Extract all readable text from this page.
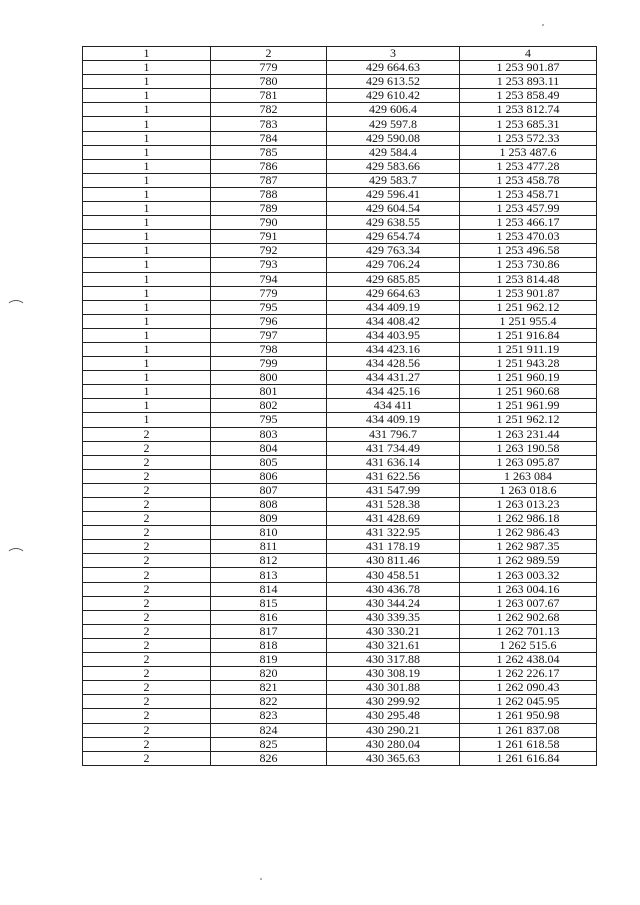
1	2	3	4
1	779	429 664.63	1 253 901.87
1	780	429 613.52	1 253 893.11
1	781	429 610.42	1 253 858.49
1	782	429 606.4	1 253 812.74
1	783	429 597.8	1 253 685.31
1	784	429 590.08	1 253 572.33
1	785	429 584.4	1 253 487.6
1	786	429 583.66	1 253 477.28
1	787	429 583.7	1 253 458.78
1	788	429 596.41	1 253 458.71
1	789	429 604.54	1 253 457.99
1	790	429 638.55	1 253 466.17
1	791	429 654.74	1 253 470.03
1	792	429 763.34	1 253 496.58
1	793	429 706.24	1 253 730.86
1	794	429 685.85	1 253 814.48
1	779	429 664.63	1 253 901.87
1	795	434 409.19	1 251 962.12
1	796	434 408.42	1 251 955.4
1	797	434 403.95	1 251 916.84
1	798	434 423.16	1 251 911.19
1	799	434 428.56	1 251 943.28
1	800	434 431.27	1 251 960.19
1	801	434 425.16	1 251 960.68
1	802	434 411	1 251 961.99
1	795	434 409.19	1 251 962.12
2	803	431 796.7	1 263 231.44
2	804	431 734.49	1 263 190.58
2	805	431 636.14	1 263 095.87
2	806	431 622.56	1 263 084
2	807	431 547.99	1 263 018.6
2	808	431 528.38	1 263 013.23
2	809	431 428.69	1 262 986.18
2	810	431 322.95	1 262 986.43
2	811	431 178.19	1 262 987.35
2	812	430 811.46	1 262 989.59
2	813	430 458.51	1 263 003.32
2	814	430 436.78	1 263 004.16
2	815	430 344.24	1 263 007.67
2	816	430 339.35	1 262 902.68
2	817	430 330.21	1 262 701.13
2	818	430 321.61	1 262 515.6
2	819	430 317.88	1 262 438.04
2	820	430 308.19	1 262 226.17
2	821	430 301.88	1 262 090.43
2	822	430 299.92	1 262 045.95
2	823	430 295.48	1 261 950.98
2	824	430 290.21	1 261 837.08
2	825	430 280.04	1 261 618.58
2	826	430 365.63	1 261 616.84
